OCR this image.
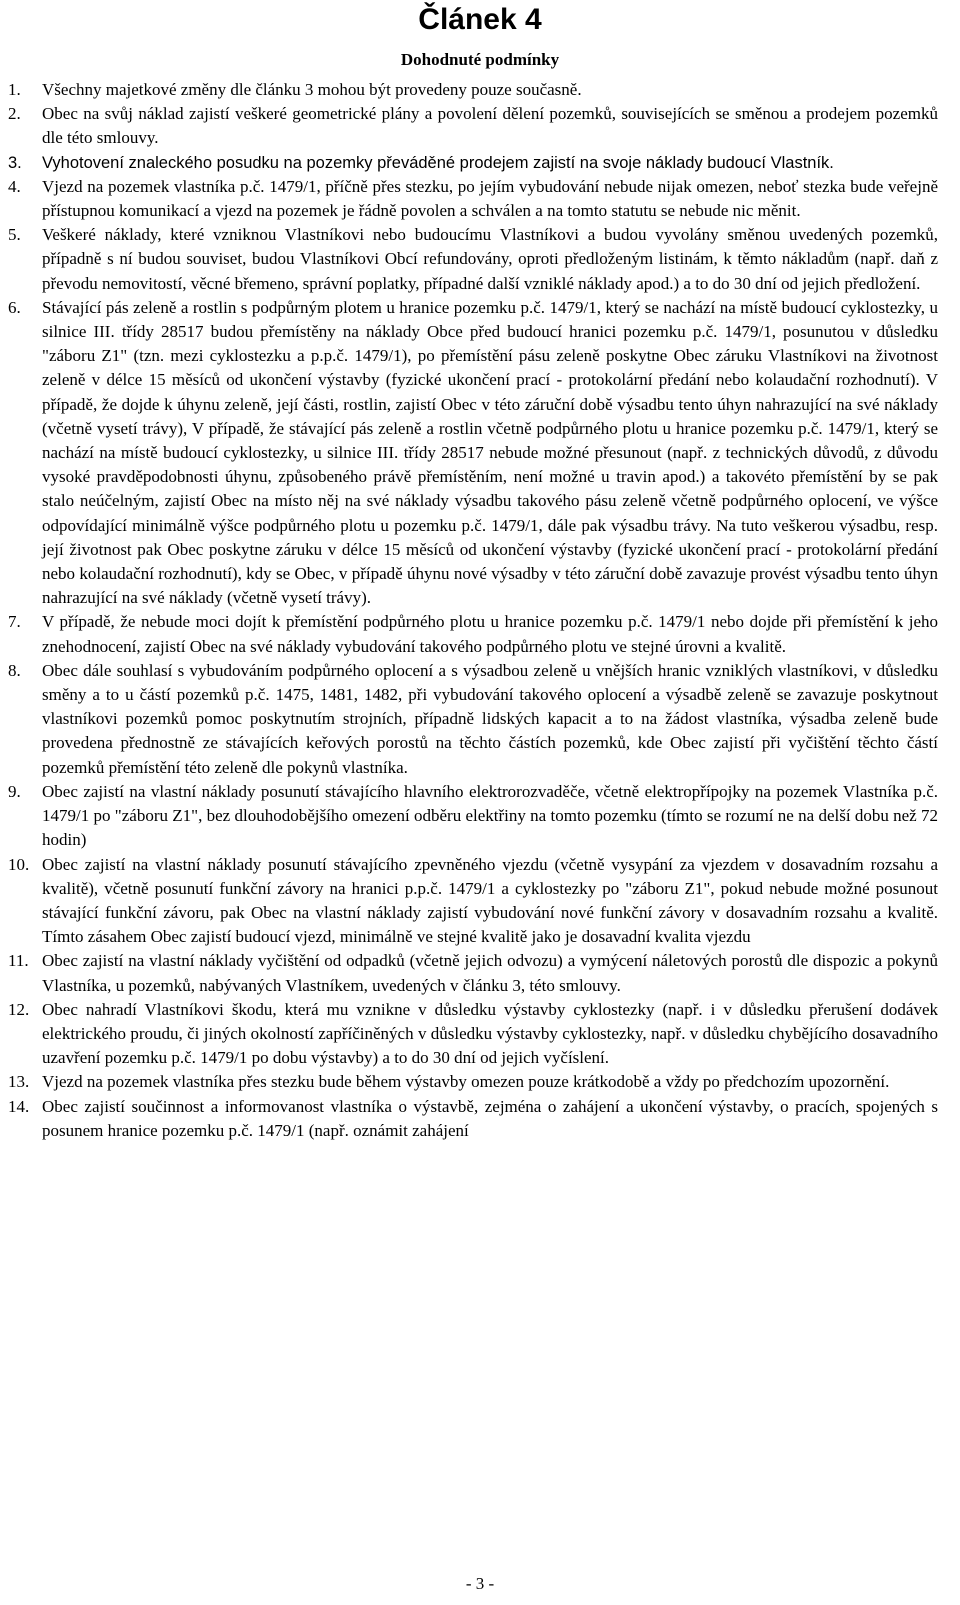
Článek 4
Dohodnuté podmínky
1.	Všechny majetkové změny dle článku 3 mohou být provedeny pouze současně.
2.	Obec na svůj náklad zajistí veškeré geometrické plány a povolení dělení pozemků, souvisejících se směnou a prodejem pozemků dle této smlouvy.
3.	Vyhotovení znaleckého posudku na pozemky převáděné prodejem zajistí na svoje náklady budoucí Vlastník.
4.	Vjezd na pozemek vlastníka p.č. 1479/1, příčně přes stezku, po jejím vybudování nebude nijak omezen, neboť stezka bude veřejně přístupnou komunikací a vjezd na pozemek je řádně povolen a schválen a na tomto statutu se nebude nic měnit.
5.	Veškeré náklady, které vzniknou Vlastníkovi nebo budoucímu Vlastníkovi a budou vyvolány směnou uvedených pozemků, případně s ní budou souviset, budou Vlastníkovi Obcí refundovány, oproti předloženým listinám, k těmto nákladům (např. daň z převodu nemovitostí, věcné břemeno, správní poplatky, případné další vzniklé náklady apod.) a to do 30 dní od jejich předložení.
6.	Stávající pás zeleně a rostlin s podpůrným plotem u hranice pozemku p.č. 1479/1, který se nachází na místě budoucí cyklostezky, u silnice III. třídy 28517 budou přemístěny na náklady Obce před budoucí hranici pozemku p.č. 1479/1, posunutou v důsledku "záboru Z1" (tzn. mezi cyklostezku a p.p.č. 1479/1), po přemístění pásu zeleně poskytne Obec záruku Vlastníkovi na životnost zeleně v délce 15 měsíců od ukončení výstavby (fyzické ukončení prací - protokolární předání nebo kolaudační rozhodnutí). V případě, že dojde k úhynu zeleně, její části, rostlin, zajistí Obec v této záruční době výsadbu tento úhyn nahrazující na své náklady (včetně vysetí trávy), V případě, že stávající pás zeleně a rostlin včetně podpůrného plotu u hranice pozemku p.č. 1479/1, který se nachází na místě budoucí cyklostezky, u silnice III. třídy 28517 nebude možné přesunout (např. z technických důvodů, z důvodu vysoké pravděpodobnosti úhynu, způsobeného právě přemístěním, není možné u travin apod.) a takovéto přemístění by se pak stalo neúčelným, zajistí Obec na místo něj na své náklady výsadbu takového pásu zeleně včetně podpůrného oplocení, ve výšce odpovídající minimálně výšce podpůrného plotu u pozemku p.č. 1479/1, dále pak výsadbu trávy. Na tuto veškerou výsadbu, resp. její životnost pak Obec poskytne záruku v délce 15 měsíců od ukončení výstavby (fyzické ukončení prací - protokolární předání nebo kolaudační rozhodnutí), kdy se Obec, v případě úhynu nové výsadby v této záruční době zavazuje provést výsadbu tento úhyn nahrazující na své náklady (včetně vysetí trávy).
7.	V případě, že nebude moci dojít k přemístění podpůrného plotu u hranice pozemku p.č. 1479/1 nebo dojde při přemístění k jeho znehodnocení, zajistí Obec na své náklady vybudování takového podpůrného plotu ve stejné úrovni a kvalitě.
8.	Obec dále souhlasí s vybudováním podpůrného oplocení a s výsadbou zeleně u vnějších hranic vzniklých vlastníkovi, v důsledku směny a to u částí pozemků p.č. 1475, 1481, 1482, při vybudování takového oplocení a výsadbě zeleně se zavazuje poskytnout vlastníkovi pozemků pomoc poskytnutím strojních, případně lidských kapacit a to na žádost vlastníka, výsadba zeleně bude provedena přednostně ze stávajících keřových porostů na těchto částích pozemků, kde Obec zajistí při vyčištění těchto částí pozemků přemístění této zeleně dle pokynů vlastníka.
9.	Obec zajistí na vlastní náklady posunutí stávajícího hlavního elektrorozvaděče, včetně elektropřípojky na pozemek Vlastníka p.č. 1479/1 po "záboru Z1", bez dlouhodobějšího omezení odběru elektřiny na tomto pozemku (tímto se rozumí ne na delší dobu než 72 hodin)
10. Obec zajistí na vlastní náklady posunutí stávajícího zpevněného vjezdu (včetně vysypání za vjezdem v dosavadním rozsahu a kvalitě), včetně posunutí funkční závory na hranici p.p.č. 1479/1 a cyklostezky po "záboru Z1", pokud nebude možné posunout stávající funkční závoru, pak Obec na vlastní náklady zajistí vybudování nové funkční závory v dosavadním rozsahu a kvalitě. Tímto zásahem Obec zajistí budoucí vjezd, minimálně ve stejné kvalitě jako je dosavadní kvalita vjezdu
11. Obec zajistí na vlastní náklady vyčištění od odpadků (včetně jejich odvozu) a vymýcení náletových porostů dle dispozic a pokynů Vlastníka, u pozemků, nabývaných Vlastníkem, uvedených v článku 3, této smlouvy.
12. Obec nahradí Vlastníkovi škodu, která mu vznikne v důsledku výstavby cyklostezky (např. i v důsledku přerušení dodávek elektrického proudu, či jiných okolností zapříčiněných v důsledku výstavby cyklostezky, např. v důsledku chybějícího dosavadního uzavření pozemku p.č. 1479/1 po dobu výstavby) a to do 30 dní od jejich vyčíslení.
13. Vjezd na pozemek vlastníka přes stezku bude během výstavby omezen pouze krátkodobě a vždy po předchozím upozornění.
14. Obec zajistí součinnost a informovanost vlastníka o výstavbě, zejména o zahájení a ukončení výstavby, o pracích, spojených s posunem hranice pozemku p.č. 1479/1 (např. oznámit zahájení
- 3 -
